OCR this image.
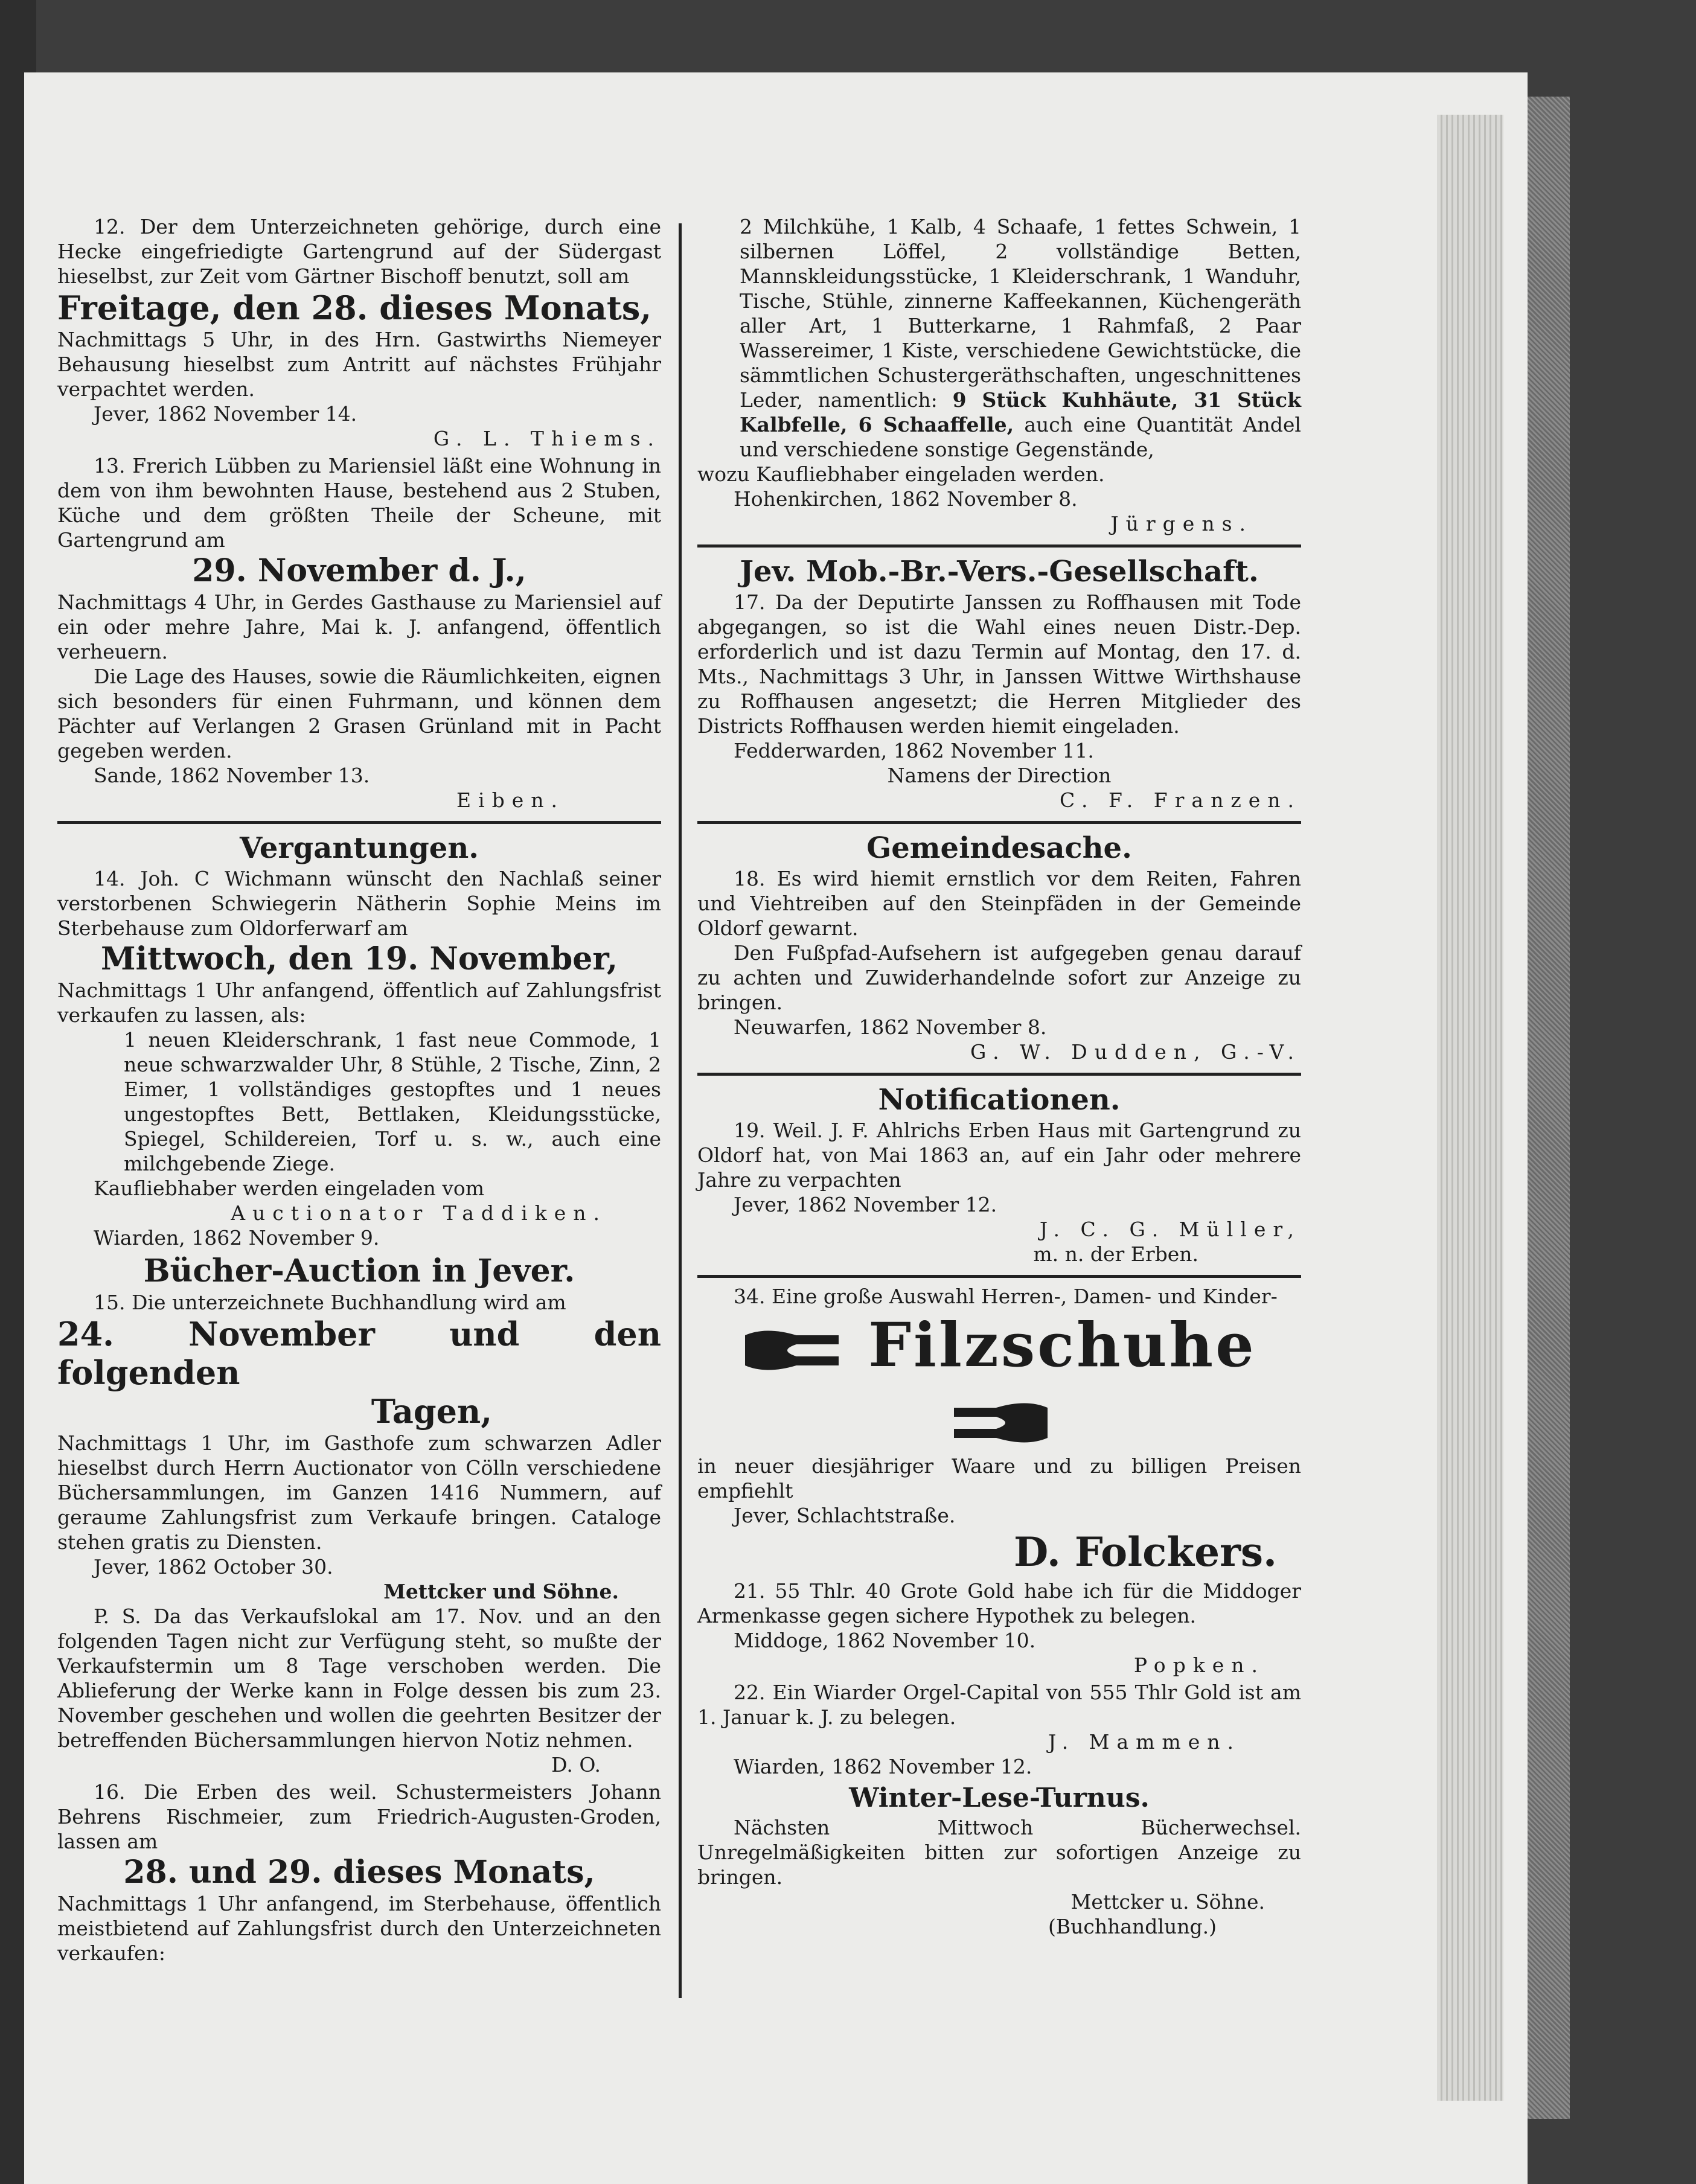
12. Der dem Unterzeichneten gehörige, durch eine Hecke eingefriedigte Gartengrund auf der Südergast hieselbst, zur Zeit vom Gärtner Bischoff benutzt, soll am

Freitage, den 28. dieses Monats,

Nachmittags 5 Uhr, in des Hrn. Gastwirths Niemeyer Behausung hieselbst zum Antritt auf nächstes Frühjahr verpachtet werden.

Jever, 1862 November 14.

G. L. Thiems.

13. Frerich Lübben zu Mariensiel läßt eine Wohnung in dem von ihm bewohnten Hause, bestehend aus 2 Stuben, Küche und dem größten Theile der Scheune, mit Gartengrund am

29. November d. J.,

Nachmittags 4 Uhr, in Gerdes Gasthause zu Mariensiel auf ein oder mehre Jahre, Mai k. J. anfangend, öffentlich verheuern.

Die Lage des Hauses, sowie die Räumlichkeiten, eignen sich besonders für einen Fuhrmann, und können dem Pächter auf Verlangen 2 Grasen Grünland mit in Pacht gegeben werden.

Sande, 1862 November 13.

Eiben.

Vergantungen.

14. Joh. C Wichmann wünscht den Nachlaß seiner verstorbenen Schwiegerin Nätherin Sophie Meins im Sterbehause zum Oldorferwarf am

Mittwoch, den 19. November,

Nachmittags 1 Uhr anfangend, öffentlich auf Zahlungsfrist verkaufen zu lassen, als:

1 neuen Kleiderschrank, 1 fast neue Commode, 1 neue schwarzwalder Uhr, 8 Stühle, 2 Tische, Zinn, 2 Eimer, 1 vollständiges gestopftes und 1 neues ungestopftes Bett, Bettlaken, Kleidungsstücke, Spiegel, Schildereien, Torf u. s. w., auch eine milchgebende Ziege.

Kaufliebhaber werden eingeladen vom

Auctionator Taddiken.

Wiarden, 1862 November 9.

Bücher-Auction in Jever.

15. Die unterzeichnete Buchhandlung wird am

24. November und den folgenden

Tagen,

Nachmittags 1 Uhr, im Gasthofe zum schwarzen Adler hieselbst durch Herrn Auctionator von Cölln verschiedene Büchersammlungen, im Ganzen 1416 Nummern, auf geraume Zahlungsfrist zum Verkaufe bringen. Cataloge stehen gratis zu Diensten.

Jever, 1862 October 30.

Mettcker und Söhne.

P. S. Da das Verkaufslokal am 17. Nov. und an den folgenden Tagen nicht zur Verfügung steht, so mußte der Verkaufstermin um 8 Tage verschoben werden. Die Ablieferung der Werke kann in Folge dessen bis zum 23. November geschehen und wollen die geehrten Besitzer der betreffenden Büchersammlungen hiervon Notiz nehmen.

D. O.

16. Die Erben des weil. Schustermeisters Johann Behrens Rischmeier, zum Friedrich-Augusten-Groden, lassen am

28. und 29. dieses Monats,

Nachmittags 1 Uhr anfangend, im Sterbehause, öffentlich meistbietend auf Zahlungsfrist durch den Unterzeichneten verkaufen:

2 Milchkühe, 1 Kalb, 4 Schaafe, 1 fettes Schwein, 1 silbernen Löffel, 2 vollständige Betten, Mannskleidungsstücke, 1 Kleiderschrank, 1 Wanduhr, Tische, Stühle, zinnerne Kaffeekannen, Küchengeräth aller Art, 1 Butterkarne, 1 Rahmfaß, 2 Paar Wassereimer, 1 Kiste, verschiedene Gewichtstücke, die sämmtlichen Schustergeräthschaften, ungeschnittenes Leder, namentlich: 9 Stück Kuhhäute, 31 Stück Kalbfelle, 6 Schaaffelle, auch eine Quantität Andel und verschiedene sonstige Gegenstände,

wozu Kaufliebhaber eingeladen werden.

Hohenkirchen, 1862 November 8.

Jürgens.

Jev. Mob.-Br.-Vers.-Gesellschaft.

17. Da der Deputirte Janssen zu Roffhausen mit Tode abgegangen, so ist die Wahl eines neuen Distr.-Dep. erforderlich und ist dazu Termin auf Montag, den 17. d. Mts., Nachmittags 3 Uhr, in Janssen Wittwe Wirthshause zu Roffhausen angesetzt; die Herren Mitglieder des Districts Roffhausen werden hiemit eingeladen.

Fedderwarden, 1862 November 11.

Namens der Direction

C. F. Franzen.

Gemeindesache.

18. Es wird hiemit ernstlich vor dem Reiten, Fahren und Viehtreiben auf den Steinpfäden in der Gemeinde Oldorf gewarnt.

Den Fußpfad-Aufsehern ist aufgegeben genau darauf zu achten und Zuwiderhandelnde sofort zur Anzeige zu bringen.

Neuwarfen, 1862 November 8.

G. W. Dudden, G.-V.

Notificationen.

19. Weil. J. F. Ahlrichs Erben Haus mit Gartengrund zu Oldorf hat, von Mai 1863 an, auf ein Jahr oder mehrere Jahre zu verpachten

Jever, 1862 November 12.

J. C. G. Müller,

m. n. der Erben.

34. Eine große Auswahl Herren-, Damen- und Kinder-

Filzschuhe

in neuer diesjähriger Waare und zu billigen Preisen empfiehlt

Jever, Schlachtstraße.

D. Folckers.

21. 55 Thlr. 40 Grote Gold habe ich für die Middoger Armenkasse gegen sichere Hypothek zu belegen.

Middoge, 1862 November 10.

Popken.

22. Ein Wiarder Orgel-Capital von 555 Thlr Gold ist am 1. Januar k. J. zu belegen.

J. Mammen.

Wiarden, 1862 November 12.

Winter-Lese-Turnus.

Nächsten Mittwoch Bücherwechsel. Unregelmäßigkeiten bitten zur sofortigen Anzeige zu bringen.

Mettcker u. Söhne.

(Buchhandlung.)
